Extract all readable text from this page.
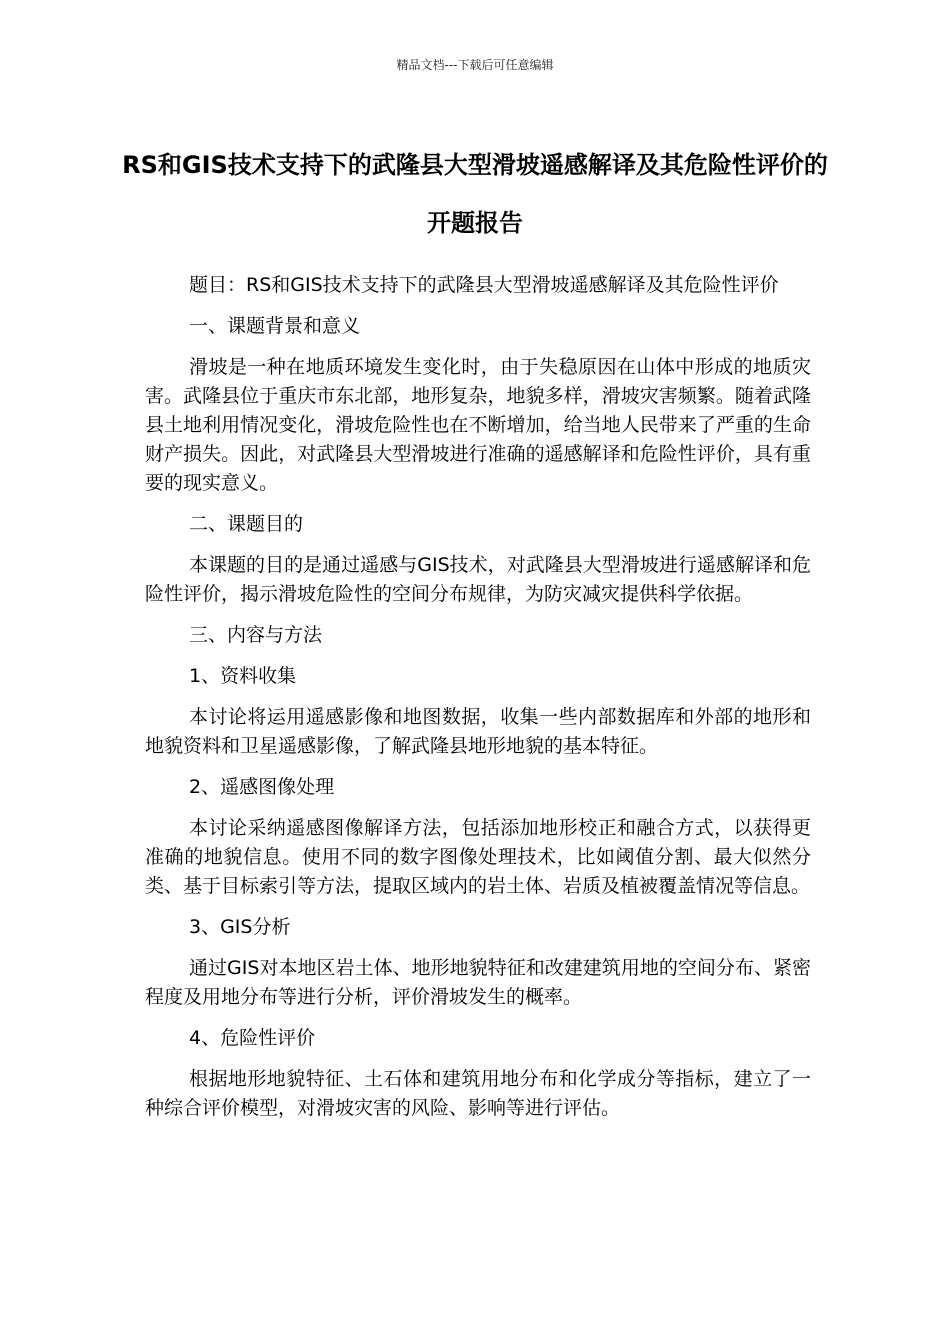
精品文档---下载后可任意编辑
RS和GIS技术支持下的武隆县大型滑坡遥感解译及其危险性评价的开题报告

题目：RS和GIS技术支持下的武隆县大型滑坡遥感解译及其危险性评价

一、课题背景和意义

滑坡是一种在地质环境发生变化时，由于失稳原因在山体中形成的地质灾害。武隆县位于重庆市东北部，地形复杂，地貌多样，滑坡灾害频繁。随着武隆县土地利用情况变化，滑坡危险性也在不断增加，给当地人民带来了严重的生命财产损失。因此，对武隆县大型滑坡进行准确的遥感解译和危险性评价，具有重要的现实意义。

二、课题目的

本课题的目的是通过遥感与GIS技术，对武隆县大型滑坡进行遥感解译和危险性评价，揭示滑坡危险性的空间分布规律，为防灾减灾提供科学依据。

三、内容与方法

1、资料收集

本讨论将运用遥感影像和地图数据，收集一些内部数据库和外部的地形和地貌资料和卫星遥感影像，了解武隆县地形地貌的基本特征。

2、遥感图像处理

本讨论采纳遥感图像解译方法，包括添加地形校正和融合方式，以获得更准确的地貌信息。使用不同的数字图像处理技术，比如阈值分割、最大似然分类、基于目标索引等方法，提取区域内的岩土体、岩质及植被覆盖情况等信息。

3、GIS分析

通过GIS对本地区岩土体、地形地貌特征和改建建筑用地的空间分布、紧密程度及用地分布等进行分析，评价滑坡发生的概率。

4、危险性评价

根据地形地貌特征、土石体和建筑用地分布和化学成分等指标，建立了一种综合评价模型，对滑坡灾害的风险、影响等进行评估。
